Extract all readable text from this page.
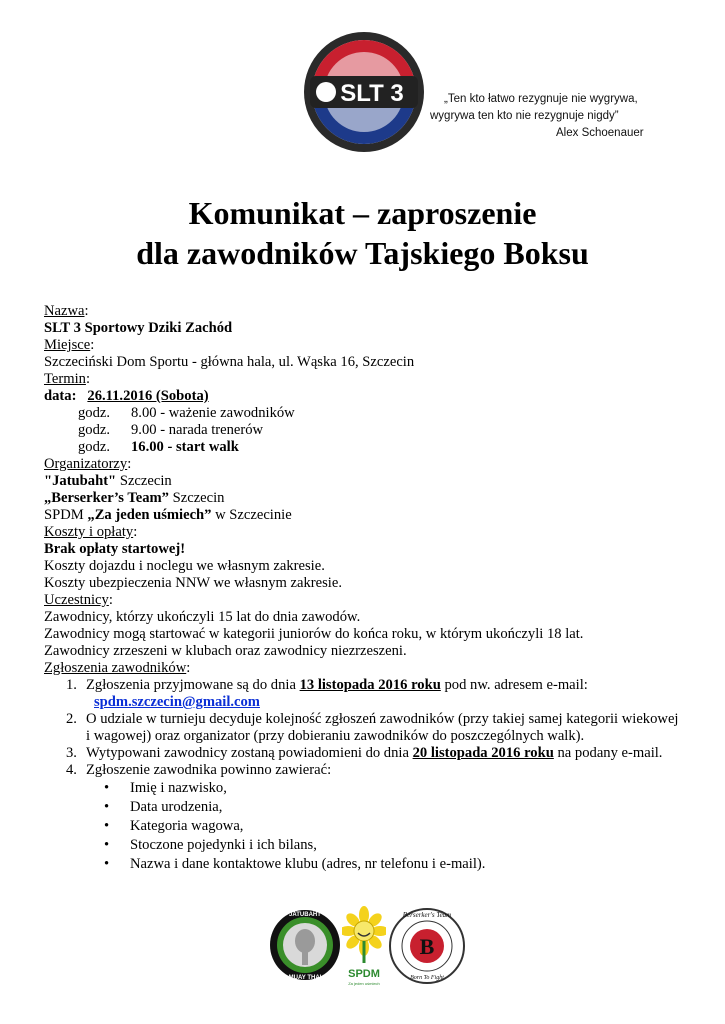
SLT 3	„Ten kto łatwo rezygnuje nie wygrywa,
wygrywa ten kto nie rezygnuje nigdy”
Alex Schoenauer
Komunikat – zaproszenie
dla zawodników Tajskiego Boksu

Nazwa:

SLT 3 Sportowy Dziki Zachód

Miejsce:

Szczeciński Dom Sportu - główna hala, ul. Wąska 16, Szczecin

Termin:

data: 26.11.2016 (Sobota)

godz.	8.00 - ważenie zawodników
godz.	9.00 - narada trenerów
godz.	16.00 - start walk

Organizatorzy:

"Jatubaht" Szczecin

„Berserker’s Team” Szczecin

SPDM „Za jeden uśmiech” w Szczecinie

Koszty i opłaty:

Brak opłaty startowej!

Koszty dojazdu i noclegu we własnym zakresie.

Koszty ubezpieczenia NNW we własnym zakresie.

Uczestnicy:

Zawodnicy, którzy ukończyli 15 lat do dnia zawodów.

Zawodnicy mogą startować w kategorii juniorów do końca roku, w którym ukończyli 18 lat.

Zawodnicy zrzeszeni w klubach oraz zawodnicy niezrzeszeni.

Zgłoszenia zawodników:

1. Zgłoszenia przyjmowane są do dnia 13 listopada 2016 roku pod nw. adresem e-mail:
spdm.szczecin@gmail.com
2. O udziale w turnieju decyduje kolejność zgłoszeń zawodników (przy takiej samej kategorii wiekowej
i wagowej) oraz organizator (przy dobieraniu zawodników do poszczególnych walk).
3. Wytypowani zawodnicy zostaną powiadomieni do dnia 20 listopada 2016 roku na podany e-mail.
4. Zgłoszenie zawodnika powinno zawierać:
• Imię i nazwisko,
• Data urodzenia,
• Kategoria wagowa,
• Stoczone pojedynki i ich bilans,
• Nazwa i dane kontaktowe klubu (adres, nr telefonu i e-mail).
JATUBAHT
MUAY THAI SPDM
Za jeden uśmiech
B
Berserker's Team
Born To Fight
